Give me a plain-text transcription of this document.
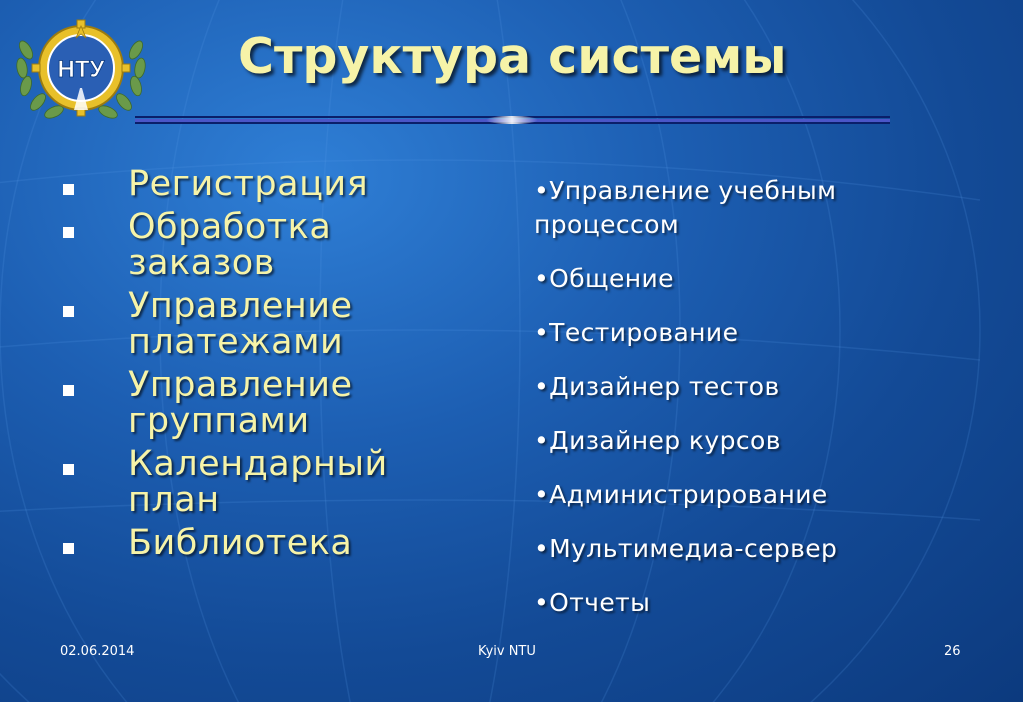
НТУ	Структура системы
Регистрация
Обработка заказов
Управление платежами
Управление группами
Календарный план
Библиотека
•Управление учебным процессом
•Общение
•Тестирование
•Дизайнер тестов
•Дизайнер курсов
•Администрирование
•Мультимедиа-сервер
•Отчеты
02.06.2014	Kyiv NTU	26
